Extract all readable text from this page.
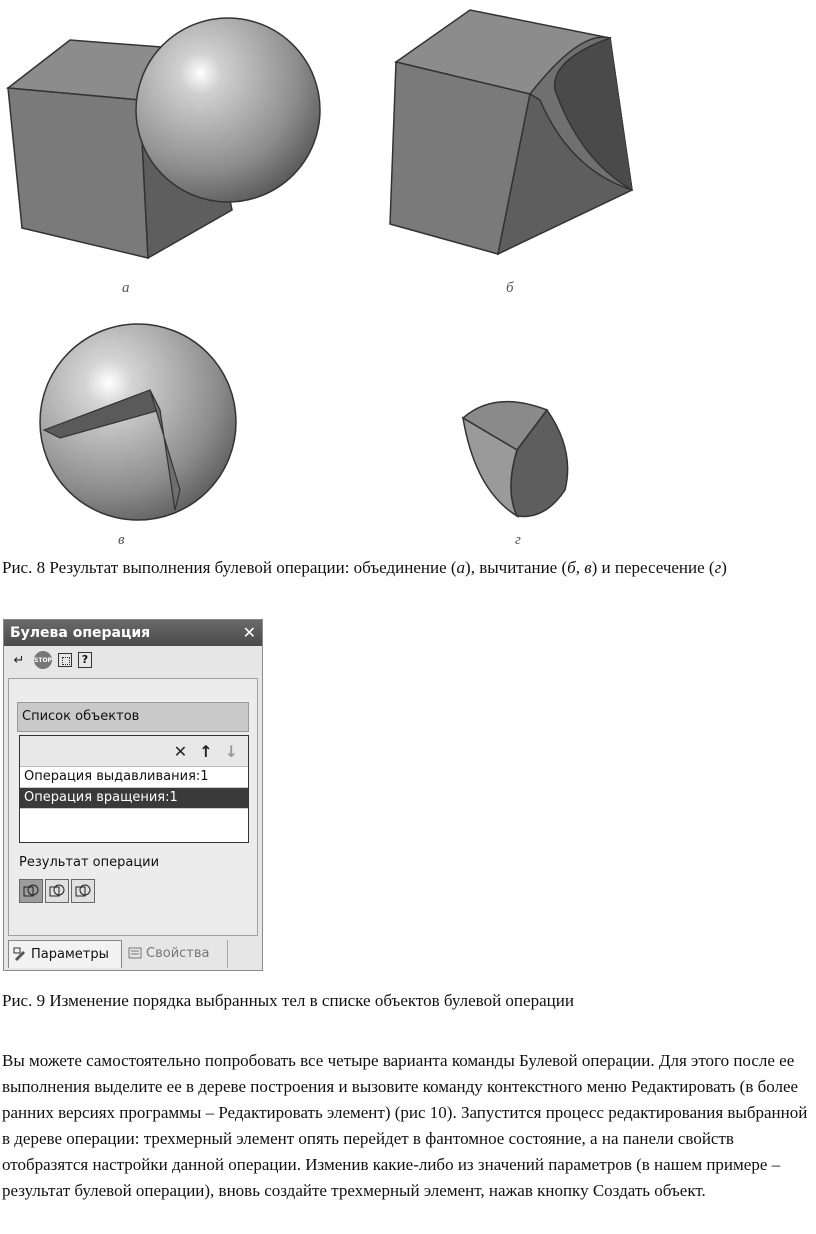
а	б
в	г
Рис. 8 Результат выполнения булевой операции: объединение (а), вычитание (б, в) и пересечение (г)
Булева операция	✕
↵	STOP	?
Список объектов
✕ ↑ ↓
Операция выдавливания:1
Операция вращения:1
Результат операции
Параметры	Свойства
Рис. 9 Изменение порядка выбранных тел в списке объектов булевой операции
Вы можете самостоятельно попробовать все четыре варианта команды Булевой операции. Для этого после ее выполнения выделите ее в дереве построения и вызовите команду контекстного меню Редактировать (в более ранних версиях программы – Редактировать элемент) (рис 10). Запустится процесс редактирования выбранной в дереве операции: трехмерный элемент опять перейдет в фантомное состояние, а на панели свойств отобразятся настройки данной операции. Изменив какие-либо из значений параметров (в нашем примере – результат булевой операции), вновь создайте трехмерный элемент, нажав кнопку Создать объект.
